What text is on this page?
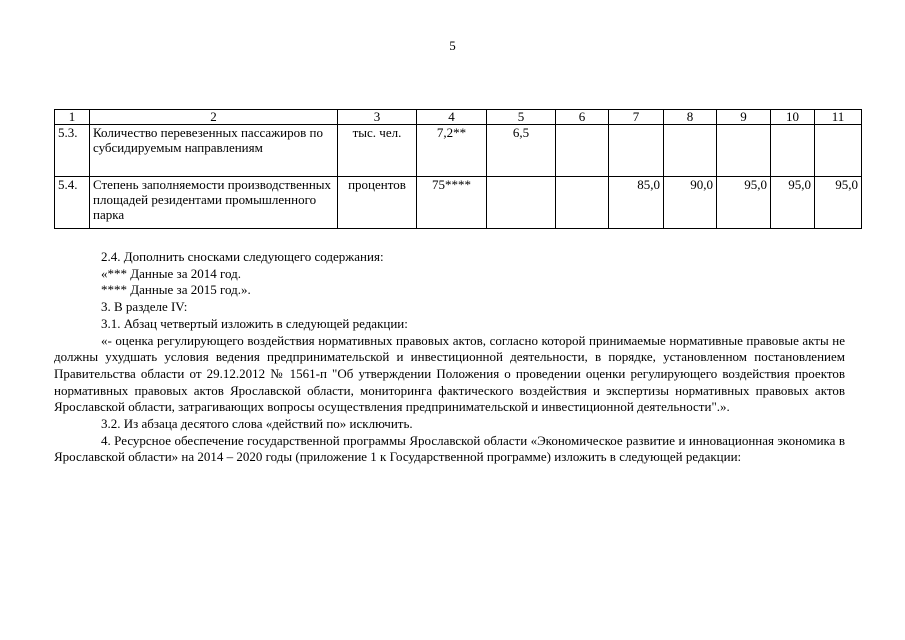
5
1	2	3	4	5	6	7	8	9	10	11
5.3.	Количество перевезенных пассажиров по субсидируемым направлениям	тыс. чел.	7,2**	6,5						
5.4.	Степень заполняемости производственных площадей резидентами промышленного парка	процентов	75****			85,0	90,0	95,0	95,0	95,0

2.4. Дополнить сносками следующего содержания:

«*** Данные за 2014 год.

**** Данные за 2015 год.».

3. В разделе IV:

3.1. Абзац четвертый изложить в следующей редакции:

«- оценка регулирующего воздействия нормативных правовых актов, согласно которой принимаемые нормативные правовые акты не должны ухудшать условия ведения предпринимательской и инвестиционной деятельности, в порядке, установленном постановлением Правительства области от 29.12.2012 № 1561-п "Об утверждении Положения о проведении оценки регулирующего воздействия проектов нормативных правовых актов Ярославской области, мониторинга фактического воздействия и экспертизы нормативных правовых актов Ярославской области, затрагивающих вопросы осуществления предпринимательской и инвестиционной деятельности".».

3.2. Из абзаца десятого слова «действий по» исключить.

4. Ресурсное обеспечение государственной программы Ярославской области «Экономическое развитие и инновационная экономика в Ярославской области» на 2014 – 2020 годы (приложение 1 к Государственной программе) изложить в следующей редакции:
